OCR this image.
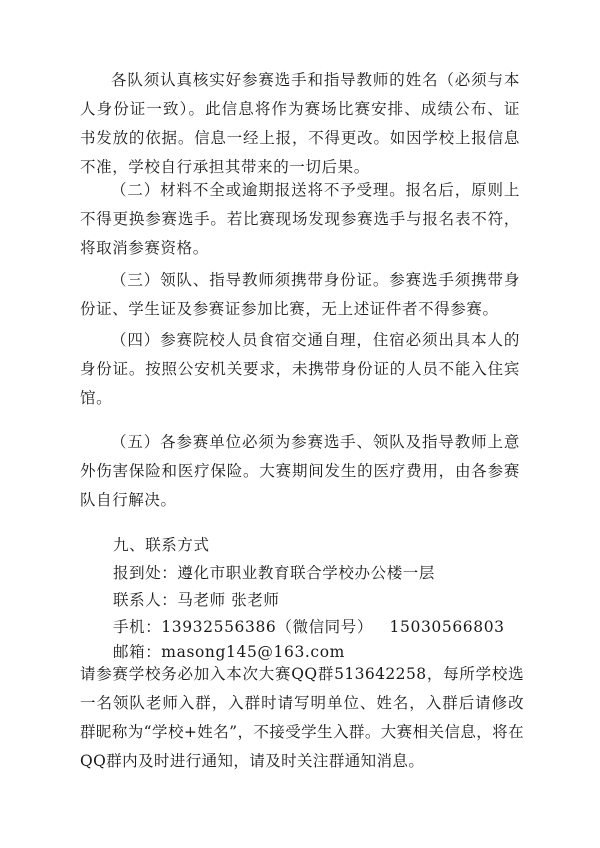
各队须认真核实好参赛选手和指导教师的姓名（必须与本人身份证一致）。此信息将作为赛场比赛安排、成绩公布、证书发放的依据。信息一经上报，不得更改。如因学校上报信息不准，学校自行承担其带来的一切后果。

（二）材料不全或逾期报送将不予受理。报名后，原则上不得更换参赛选手。若比赛现场发现参赛选手与报名表不符，将取消参赛资格。

（三）领队、指导教师须携带身份证。参赛选手须携带身份证、学生证及参赛证参加比赛，无上述证件者不得参赛。

（四）参赛院校人员食宿交通自理，住宿必须出具本人的身份证。按照公安机关要求，未携带身份证的人员不能入住宾馆。

（五）各参赛单位必须为参赛选手、领队及指导教师上意外伤害保险和医疗保险。大赛期间发生的医疗费用，由各参赛队自行解决。

九、联系方式
报到处：遵化市职业教育联合学校办公楼一层
联系人：马老师 张老师
手机：13932556386（微信同号）   15030566803
邮箱：masong145@163.com

请参赛学校务必加入本次大赛QQ群513642258，每所学校选一名领队老师入群，入群时请写明单位、姓名，入群后请修改群昵称为“学校+姓名”，不接受学生入群。大赛相关信息，将在QQ群内及时进行通知，请及时关注群通知消息。
